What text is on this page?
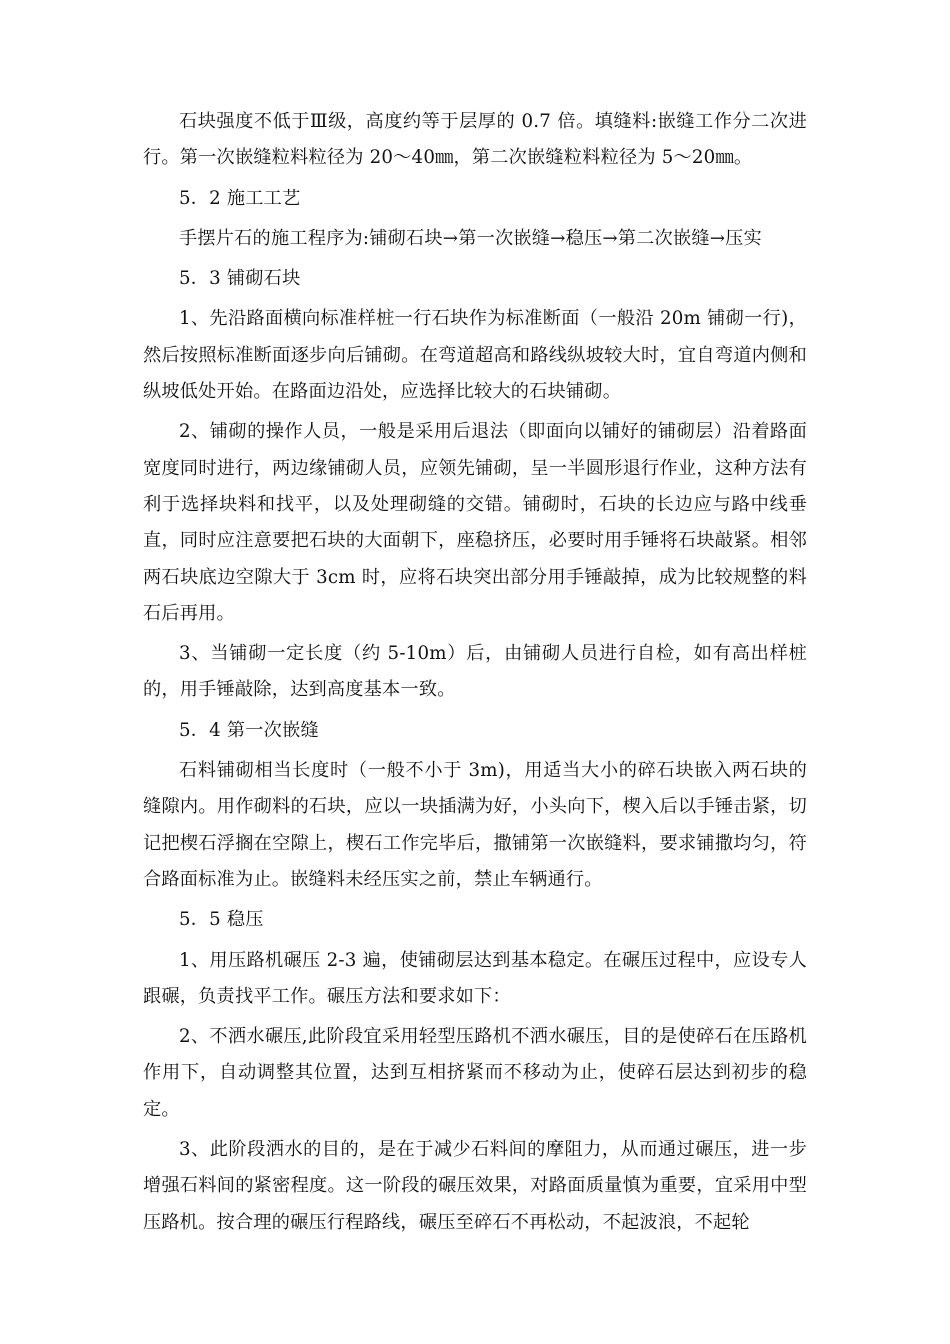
石块强度不低于Ⅲ级，高度约等于层厚的 0.7 倍。填缝料:嵌缝工作分二次进行。第一次嵌缝粒料粒径为 20～40㎜，第二次嵌缝粒料粒径为 5～20㎜。

5．2 施工工艺

手摆片石的施工程序为:铺砌石块→第一次嵌缝→稳压→第二次嵌缝→压实

5．3 铺砌石块

1、先沿路面横向标准样桩一行石块作为标准断面（一般沿 20m 铺砌一行)，然后按照标准断面逐步向后铺砌。在弯道超高和路线纵坡较大时，宜自弯道内侧和纵坡低处开始。在路面边沿处，应选择比较大的石块铺砌。

2、铺砌的操作人员，一般是采用后退法（即面向以铺好的铺砌层）沿着路面宽度同时进行，两边缘铺砌人员，应领先铺砌，呈一半圆形退行作业，这种方法有利于选择块料和找平，以及处理砌缝的交错。铺砌时，石块的长边应与路中线垂直，同时应注意要把石块的大面朝下，座稳挤压，必要时用手锤将石块敲紧。相邻两石块底边空隙大于 3cm 时，应将石块突出部分用手锤敲掉，成为比较规整的料石后再用。

3、当铺砌一定长度（约 5-10m）后，由铺砌人员进行自检，如有高出样桩的，用手锤敲除，达到高度基本一致。

5．4 第一次嵌缝

石料铺砌相当长度时（一般不小于 3m)，用适当大小的碎石块嵌入两石块的缝隙内。用作砌料的石块，应以一块插满为好，小头向下，楔入后以手锤击紧，切记把楔石浮搁在空隙上，楔石工作完毕后，撒铺第一次嵌缝料，要求铺撒均匀，符合路面标准为止。嵌缝料未经压实之前，禁止车辆通行。

5．5 稳压

1、用压路机碾压 2-3 遍，使铺砌层达到基本稳定。在碾压过程中，应设专人跟碾，负责找平工作。碾压方法和要求如下：

2、不洒水碾压,此阶段宜采用轻型压路机不洒水碾压，目的是使碎石在压路机作用下，自动调整其位置，达到互相挤紧而不移动为止，使碎石层达到初步的稳定。

3、此阶段洒水的目的，是在于减少石料间的摩阻力，从而通过碾压，进一步增强石料间的紧密程度。这一阶段的碾压效果，对路面质量慎为重要，宜采用中型压路机。按合理的碾压行程路线，碾压至碎石不再松动，不起波浪，不起轮
